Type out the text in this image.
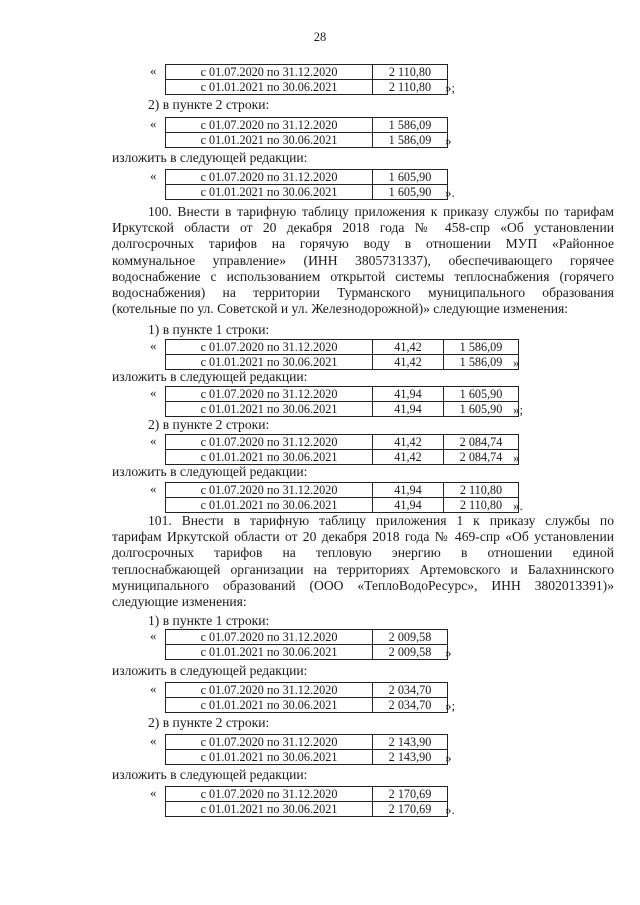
28
«	с 01.07.2020 по 31.12.2020	2 110,80
с 01.01.2021 по 30.06.2021	2 110,80 »;
2) в пункте 2 строки:
«	с 01.07.2020 по 31.12.2020	1 586,09
с 01.01.2021 по 30.06.2021	1 586,09 »
изложить в следующей редакции:
«	с 01.07.2020 по 31.12.2020	1 605,90
с 01.01.2021 по 30.06.2021	1 605,90 ».

100. Внести в тарифную таблицу приложения к приказу службы по тарифам

Иркутской области от 20 декабря 2018 года № 458-спр «Об установлении

долгосрочных тарифов на горячую воду в отношении МУП «Районное

коммунальное управление» (ИНН 3805731337), обеспечивающего горячее

водоснабжение с использованием открытой системы теплоснабжения (горячего

водоснабжения) на территории Турманского муниципального образования

(котельные по ул. Советской и ул. Железнодорожной)» следующие изменения:

1) в пункте 1 строки:
«	с 01.07.2020 по 31.12.2020	41,42	1 586,09
с 01.01.2021 по 30.06.2021	41,42	1 586,09 »
изложить в следующей редакции:
«	с 01.07.2020 по 31.12.2020	41,94	1 605,90
с 01.01.2021 по 30.06.2021	41,94	1 605,90 »;
2) в пункте 2 строки:
«	с 01.07.2020 по 31.12.2020	41,42	2 084,74
с 01.01.2021 по 30.06.2021	41,42	2 084,74 »
изложить в следующей редакции:
«	с 01.07.2020 по 31.12.2020	41,94	2 110,80
с 01.01.2021 по 30.06.2021	41,94	2 110,80 ».

101. Внести в тарифную таблицу приложения 1 к приказу службы по

тарифам Иркутской области от 20 декабря 2018 года № 469-спр «Об установлении

долгосрочных тарифов на тепловую энергию в отношении единой

теплоснабжающей организации на территориях Артемовского и Балахнинского

муниципального образований (ООО «ТеплоВодоРесурс», ИНН 3802013391)»

следующие изменения:

1) в пункте 1 строки:
«	с 01.07.2020 по 31.12.2020	2 009,58
с 01.01.2021 по 30.06.2021	2 009,58 »
изложить в следующей редакции:
«	с 01.07.2020 по 31.12.2020	2 034,70
с 01.01.2021 по 30.06.2021	2 034,70 »;
2) в пункте 2 строки:
«	с 01.07.2020 по 31.12.2020	2 143,90
с 01.01.2021 по 30.06.2021	2 143,90 »
изложить в следующей редакции:
«	с 01.07.2020 по 31.12.2020	2 170,69
с 01.01.2021 по 30.06.2021	2 170,69 ».
